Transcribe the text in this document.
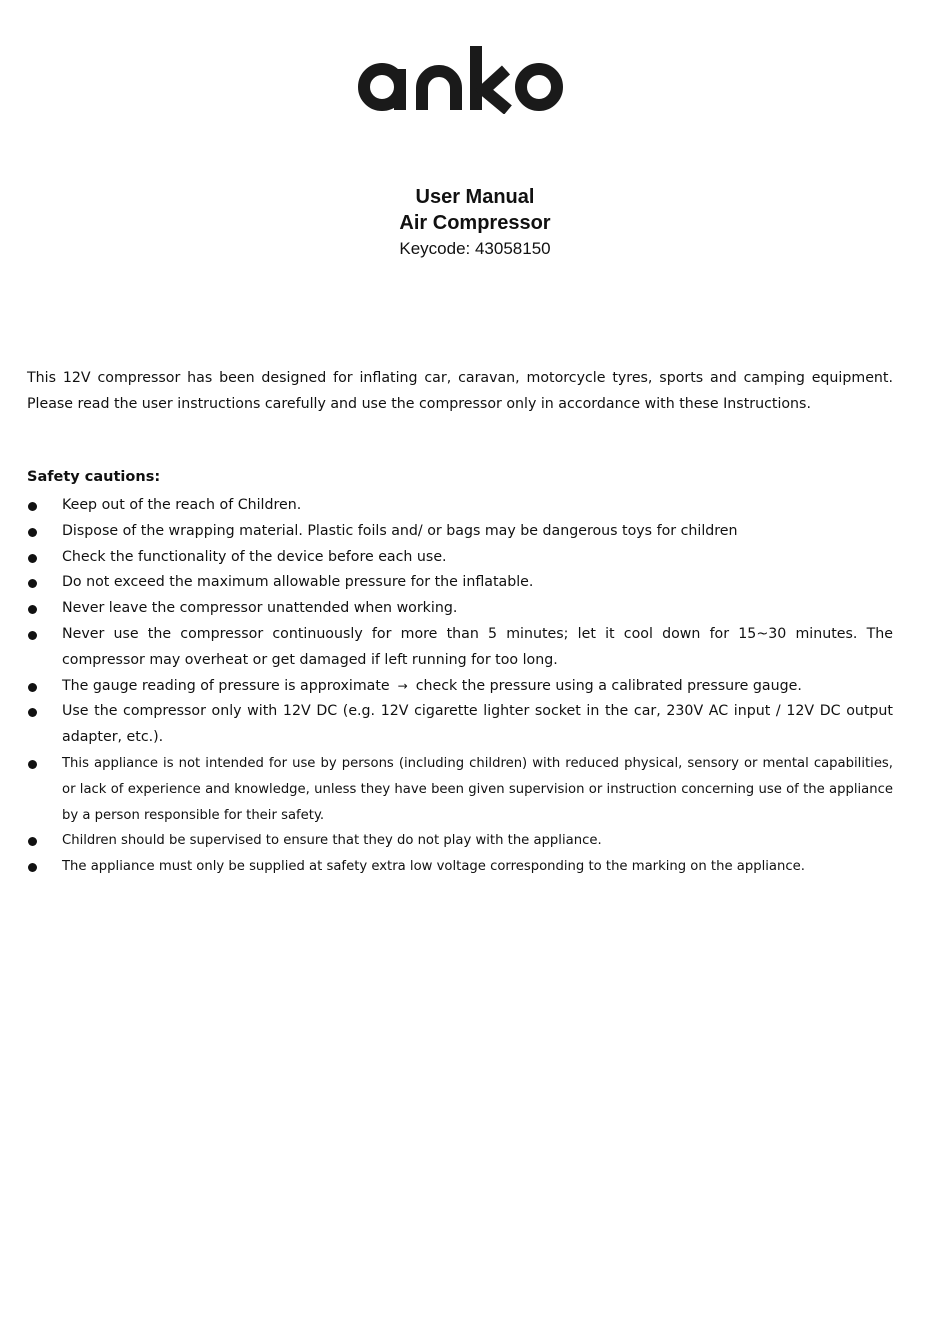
User Manual
Air Compressor
Keycode: 43058150

This 12V compressor has been designed for inflating car, caravan, motorcycle tyres, sports and camping equipment. Please read the user instructions carefully and use the compressor only in accordance with these Instructions.

Safety cautions:
Keep out of the reach of Children.
Dispose of the wrapping material. Plastic foils and/ or bags may be dangerous toys for children
Check the functionality of the device before each use.
Do not exceed the maximum allowable pressure for the inflatable.
Never leave the compressor unattended when working.
Never use the compressor continuously for more than 5 minutes; let it cool down for 15~30 minutes. The compressor may overheat or get damaged if left running for too long.
The gauge reading of pressure is approximate → check the pressure using a calibrated pressure gauge.
Use the compressor only with 12V DC (e.g. 12V cigarette lighter socket in the car, 230V AC input / 12V DC output adapter, etc.).
This appliance is not intended for use by persons (including children) with reduced physical, sensory or mental capabilities, or lack of experience and knowledge, unless they have been given supervision or instruction concerning use of the appliance by a person responsible for their safety.
Children should be supervised to ensure that they do not play with the appliance.
The appliance must only be supplied at safety extra low voltage corresponding to the marking on the appliance.
